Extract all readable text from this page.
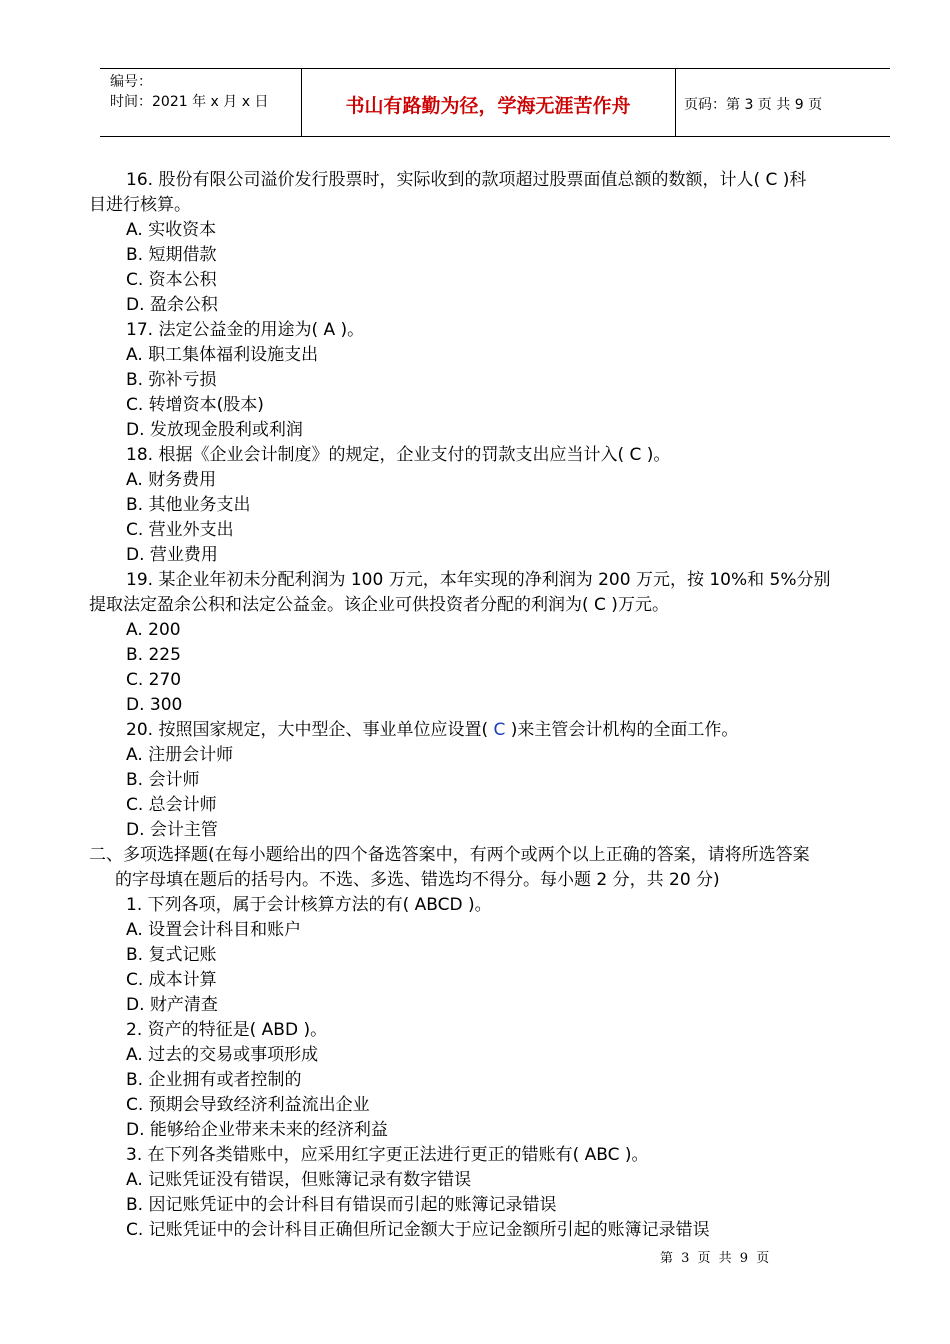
编号：
时间：2021 年 x 月 x 日	书山有路勤为径，学海无涯苦作舟	页码：第 3 页 共 9 页
16. 股份有限公司溢价发行股票时，实际收到的款项超过股票面值总额的数额，计人( C )科
目进行核算。
A. 实收资本
B. 短期借款
C. 资本公积
D. 盈余公积
17. 法定公益金的用途为( A )。
A. 职工集体福利设施支出
B. 弥补亏损
C. 转增资本(股本)
D. 发放现金股利或利润
18. 根据《企业会计制度》的规定，企业支付的罚款支出应当计入( C )。
A. 财务费用
B. 其他业务支出
C. 营业外支出
D. 营业费用
19. 某企业年初未分配利润为 100 万元，本年实现的净利润为 200 万元，按 10%和 5%分别
提取法定盈余公积和法定公益金。该企业可供投资者分配的利润为( C )万元。
A. 200
B. 225
C. 270
D. 300
20. 按照国家规定，大中型企、事业单位应设置( C )来主管会计机构的全面工作。
A. 注册会计师
B. 会计师
C. 总会计师
D. 会计主管
二、多项选择题(在每小题给出的四个备选答案中，有两个或两个以上正确的答案，请将所选答案
的字母填在题后的括号内。不选、多选、错选均不得分。每小题 2 分，共 20 分)
1. 下列各项，属于会计核算方法的有( ABCD )。
A. 设置会计科目和账户
B. 复式记账
C. 成本计算
D. 财产清查
2. 资产的特征是( ABD )。
A. 过去的交易或事项形成
B. 企业拥有或者控制的
C. 预期会导致经济利益流出企业
D. 能够给企业带来未来的经济利益
3. 在下列各类错账中，应采用红字更正法进行更正的错账有( ABC )。
A. 记账凭证没有错误，但账簿记录有数字错误
B. 因记账凭证中的会计科目有错误而引起的账簿记录错误
C. 记账凭证中的会计科目正确但所记金额大于应记金额所引起的账簿记录错误
第 3 页 共 9 页
